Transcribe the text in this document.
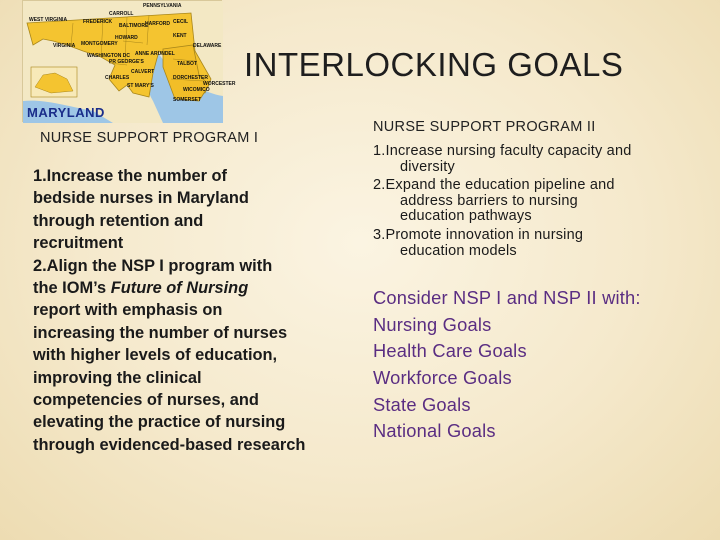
PENNSYLVANIA
WEST VIRGINIA
VIRGINIA	DELAWARE
FREDERICK
BALTIMORE
CARROLL
HARFORD CECIL
ANNE ARUNDEL
MONTGOMERY
KENT
TALBOT
DORCHESTER
WICOMICO
WORCESTER
SOMERSET
CALVERT
PR GEORGE'S
ST MARY'S
CHARLES
HOWARD
WASHINGTON DC
MARYLAND
INTERLOCKING GOALS
NURSE SUPPORT PROGRAM I
1.Increase the number of
bedside nurses in Maryland
through retention and
recruitment
2.Align the NSP I program with
the IOM’s Future of Nursing
report with emphasis on
increasing the number of nurses
with higher levels of education,
improving the clinical
competencies of nurses, and
elevating the practice of nursing
through evidenced-based research
NURSE SUPPORT PROGRAM II
1.Increase nursing faculty capacity and
diversity
2.Expand the education pipeline and
address barriers to nursing
education pathways
3.Promote innovation in nursing
education models
Consider NSP I and NSP II with:
Nursing Goals
Health Care Goals
Workforce Goals
State Goals
National Goals
